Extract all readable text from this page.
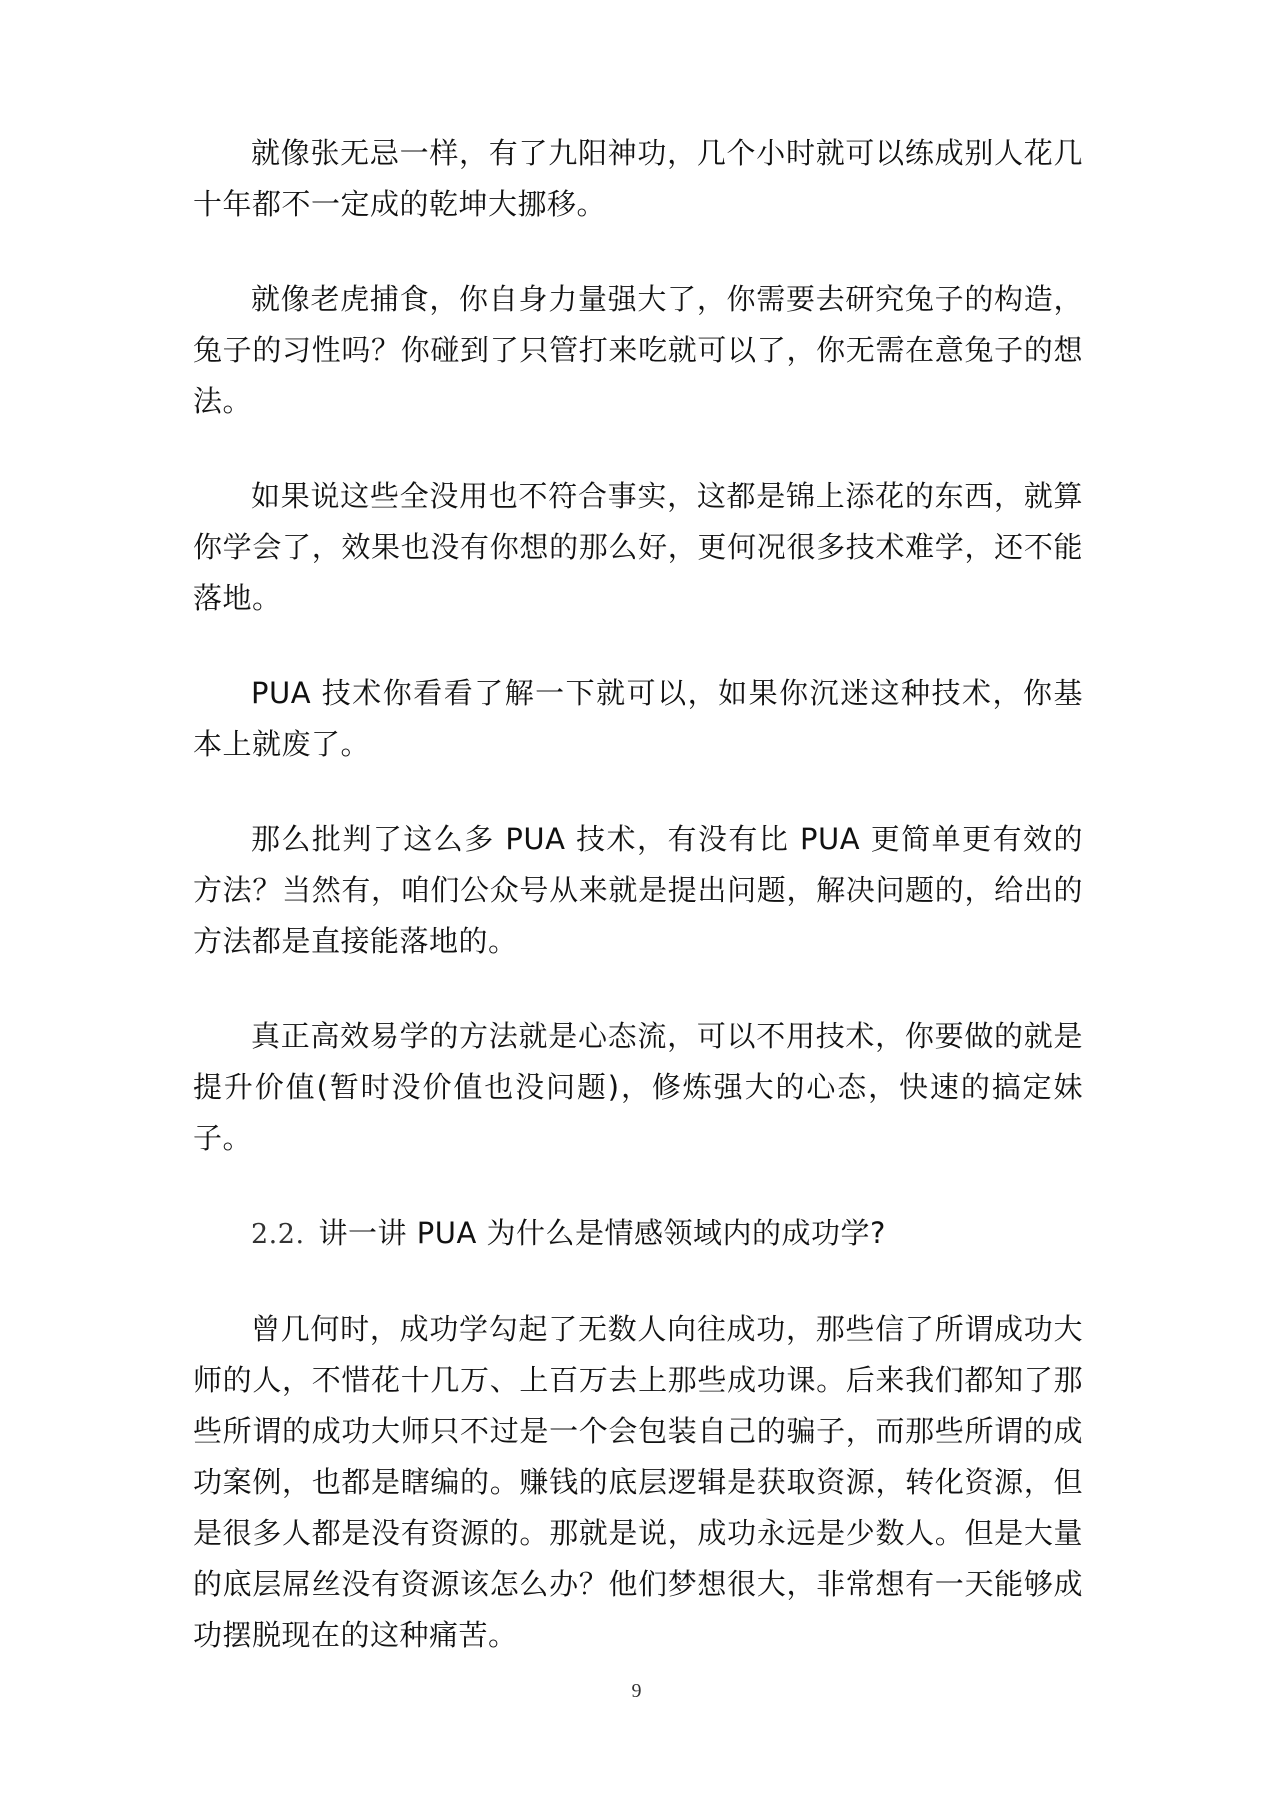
就像张无忌一样，有了九阳神功，几个小时就可以练成别人花几十年都不一定成的乾坤大挪移。

就像老虎捕食，你自身力量强大了，你需要去研究兔子的构造，兔子的习性吗？你碰到了只管打来吃就可以了，你无需在意兔子的想法。

如果说这些全没用也不符合事实，这都是锦上添花的东西，就算你学会了，效果也没有你想的那么好，更何况很多技术难学，还不能落地。

PUA 技术你看看了解一下就可以，如果你沉迷这种技术，你基本上就废了。

那么批判了这么多 PUA 技术，有没有比 PUA 更简单更有效的方法？当然有，咱们公众号从来就是提出问题，解决问题的，给出的方法都是直接能落地的。

真正高效易学的方法就是心态流，可以不用技术，你要做的就是提升价值(暂时没价值也没问题)，修炼强大的心态，快速的搞定妹子。

2.2. 讲一讲 PUA 为什么是情感领域内的成功学?

曾几何时，成功学勾起了无数人向往成功，那些信了所谓成功大师的人，不惜花十几万、上百万去上那些成功课。后来我们都知了那些所谓的成功大师只不过是一个会包装自己的骗子，而那些所谓的成功案例，也都是瞎编的。赚钱的底层逻辑是获取资源，转化资源，但是很多人都是没有资源的。那就是说，成功永远是少数人。但是大量的底层屌丝没有资源该怎么办？他们梦想很大，非常想有一天能够成功摆脱现在的这种痛苦。

9
